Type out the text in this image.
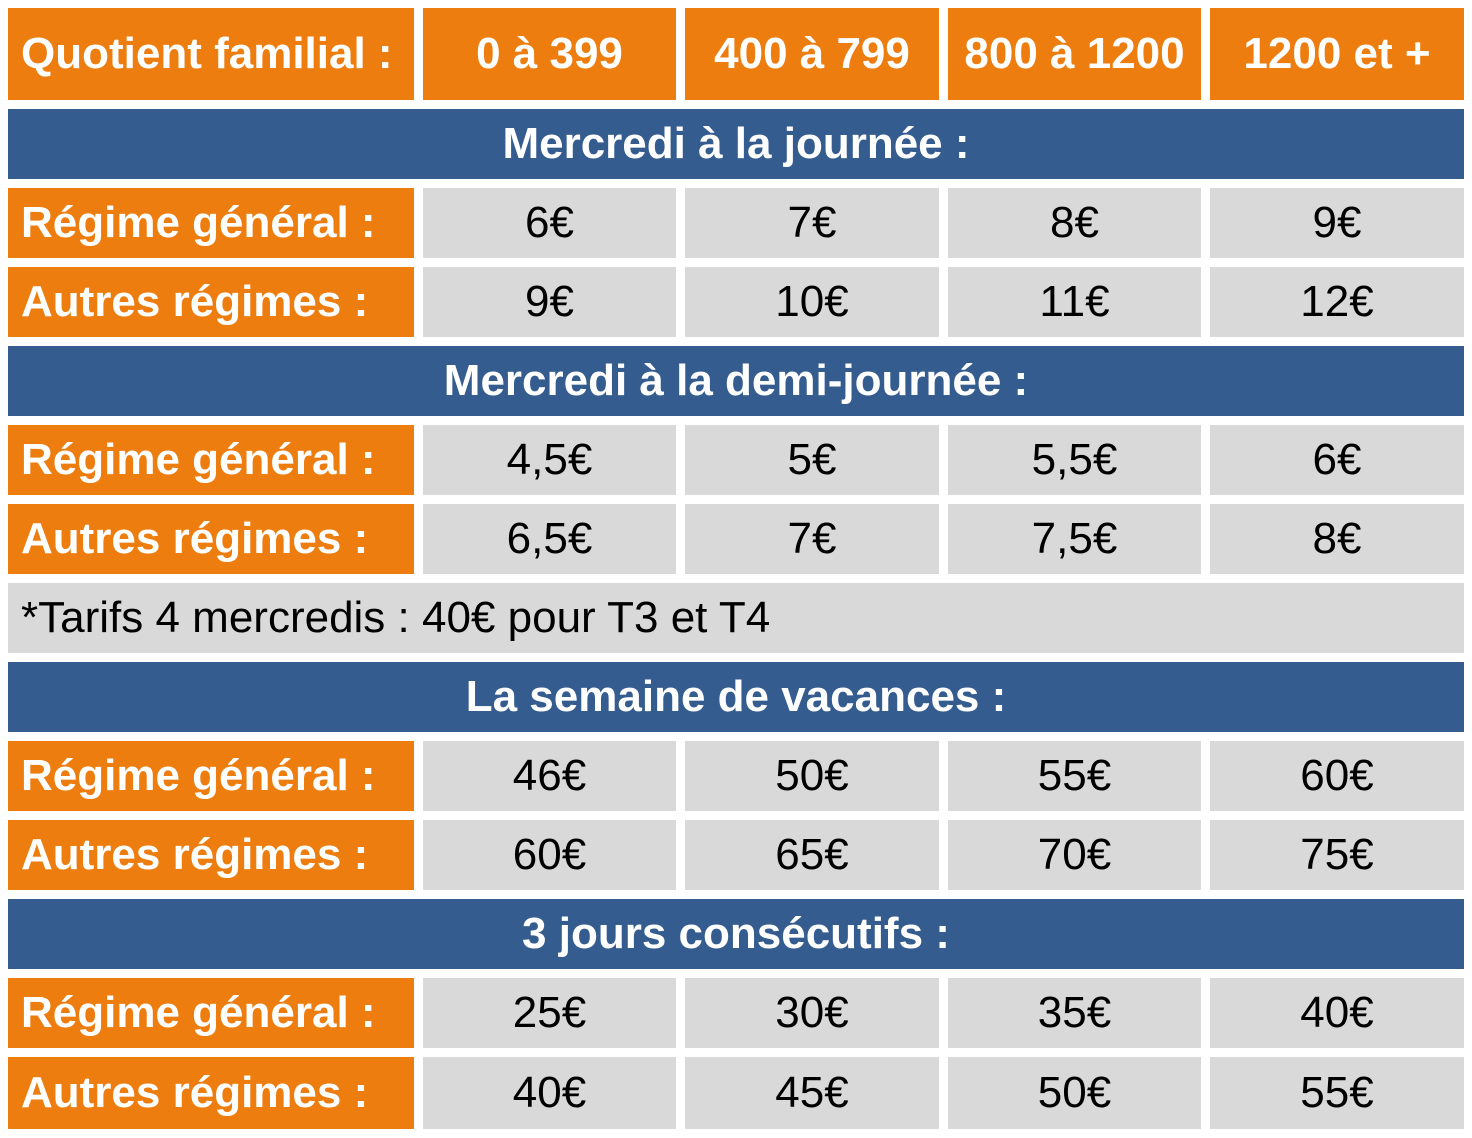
Quotient familial :	0 à 399	400 à 799	800 à 1200	1200 et +
Mercredi à la journée :
Régime général :	6€	7€	8€	9€
Autres régimes :	9€	10€	11€	12€
Mercredi à la demi-journée :
Régime général :	4,5€	5€	5,5€	6€
Autres régimes :	6,5€	7€	7,5€	8€
*Tarifs 4 mercredis : 40€ pour T3 et T4
La semaine de vacances :
Régime général :	46€	50€	55€	60€
Autres régimes :	60€	65€	70€	75€
3 jours consécutifs :
Régime général :	25€	30€	35€	40€
Autres régimes :	40€	45€	50€	55€
